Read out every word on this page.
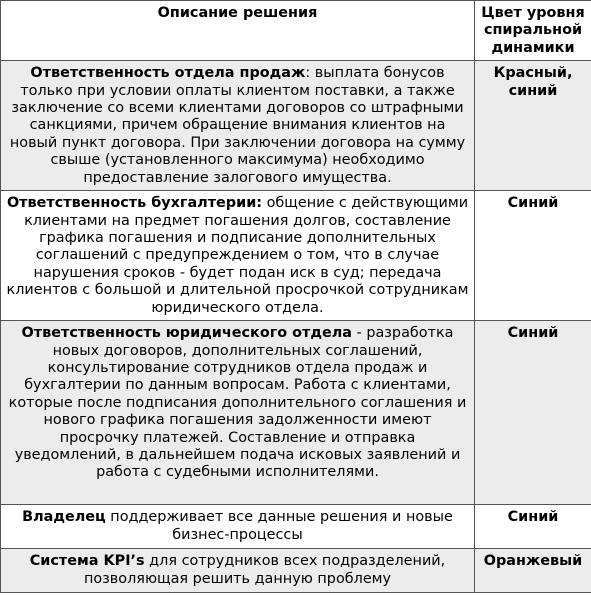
Описание решения	Цвет уровня спиральной динамики
Ответственность отдела продаж: выплата бонусов только при условии оплаты клиентом поставки, а также заключение со всеми клиентами договоров со штрафными санкциями, причем обращение внимания клиентов на новый пункт договора. При заключении договора на сумму свыше (установленного максимума) необходимо предоставление залогового имущества.	Красный, синий
Ответственность бухгалтерии: общение с действующими клиентами на предмет погашения долгов, составление графика погашения и подписание дополнительных соглашений с предупреждением о том, что в случае нарушения сроков - будет подан иск в суд; передача клиентов с большой и длительной просрочкой сотрудникам юридического отдела.	Синий
Ответственность юридического отдела - разработка новых договоров, дополнительных соглашений, консультирование сотрудников отдела продаж и бухгалтерии по данным вопросам. Работа с клиентами, которые после подписания дополнительного соглашения и нового графика погашения задолженности имеют просрочку платежей. Составление и отправка уведомлений, в дальнейшем подача исковых заявлений и работа с судебными исполнителями.	Синий
Владелец поддерживает все данные решения и новые бизнес-процессы	Синий
Система KPI’s для сотрудников всех подразделений, позволяющая решить данную проблему	Оранжевый
